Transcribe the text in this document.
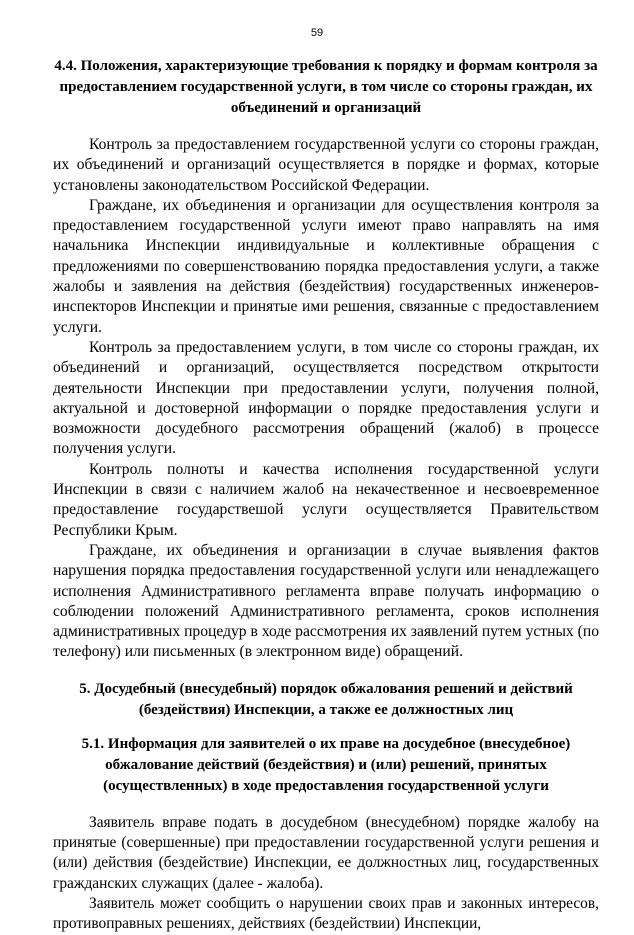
59

4.4. Положения, характеризующие требования к порядку и формам контроля за предоставлением государственной услуги, в том числе со стороны граждан, их объединений и организаций

Контроль за предоставлением государственной услуги со стороны граждан, их объединений и организаций осуществляется в порядке и формах, которые установлены законодательством Российской Федерации.

Граждане, их объединения и организации для осуществления контроля за предоставлением государственной услуги имеют право направлять на имя начальника Инспекции индивидуальные и коллективные обращения с предложениями по совершенствованию порядка предоставления услуги, а также жалобы и заявления на действия (бездействия) государственных инженеров-инспекторов Инспекции и принятые ими решения, связанные с предоставлением услуги.

Контроль за предоставлением услуги, в том числе со стороны граждан, их объединений и организаций, осуществляется посредством открытости деятельности Инспекции при предоставлении услуги, получения полной, актуальной и достоверной информации о порядке предоставления услуги и возможности досудебного рассмотрения обращений (жалоб) в процессе получения услуги.

Контроль полноты и качества исполнения государственной услуги Инспекции в связи с наличием жалоб на некачественное и несвоевременное предоставление государствешой услуги осуществляется Правительством Республики Крым.

Граждане, их объединения и организации в случае выявления фактов нарушения порядка предоставления государственной услуги или ненадлежащего исполнения Административного регламента вправе получать информацию о соблюдении положений Административного регламента, сроков исполнения административных процедур в ходе рассмотрения их заявлений путем устных (по телефону) или письменных (в электронном виде) обращений.

5. Досудебный (внесудебный) порядок обжалования решений и действий (бездействия) Инспекции, а также ее должностных лиц

5.1. Информация для заявителей о их праве на досудебное (внесудебное) обжалование действий (бездействия) и (или) решений, принятых (осуществленных) в ходе предоставления государственной услуги

Заявитель вправе подать в досудебном (внесудебном) порядке жалобу на принятые (совершенные) при предоставлении государственной услуги решения и (или) действия (бездействие) Инспекции, ее должностных лиц, государственных гражданских служащих (далее - жалоба).

Заявитель может сообщить о нарушении своих прав и законных интересов, противоправных решениях, действиях (бездействии) Инспекции,
